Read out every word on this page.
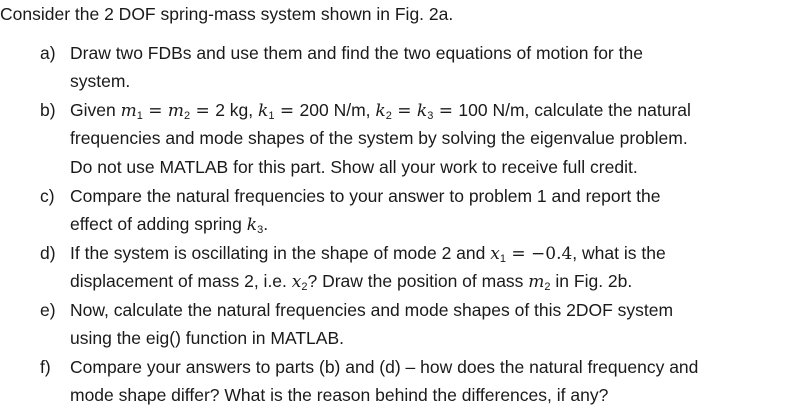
Consider the 2 DOF spring-mass system shown in Fig. 2a.
a) Draw two FDBs and use them and find the two equations of motion for the
system.
b) Given $m_1 = m_2 = 2$ kg, $k_1 = 200$ N/m, $k_2 = k_3 = 100$ N/m, calculate the natural
frequencies and mode shapes of the system by solving the eigenvalue problem.
Do not use MATLAB for this part. Show all your work to receive full credit.
c) Compare the natural frequencies to your answer to problem 1 and report the
effect of adding spring $k_3$.
d) If the system is oscillating in the shape of mode 2 and $x_1 = -0.4$, what is the
displacement of mass 2, i.e. $x_2$? Draw the position of mass $m_2$ in Fig. 2b.
e) Now, calculate the natural frequencies and mode shapes of this 2DOF system
using the eig() function in MATLAB.
f) Compare your answers to parts (b) and (d) – how does the natural frequency and
mode shape differ? What is the reason behind the differences, if any?
